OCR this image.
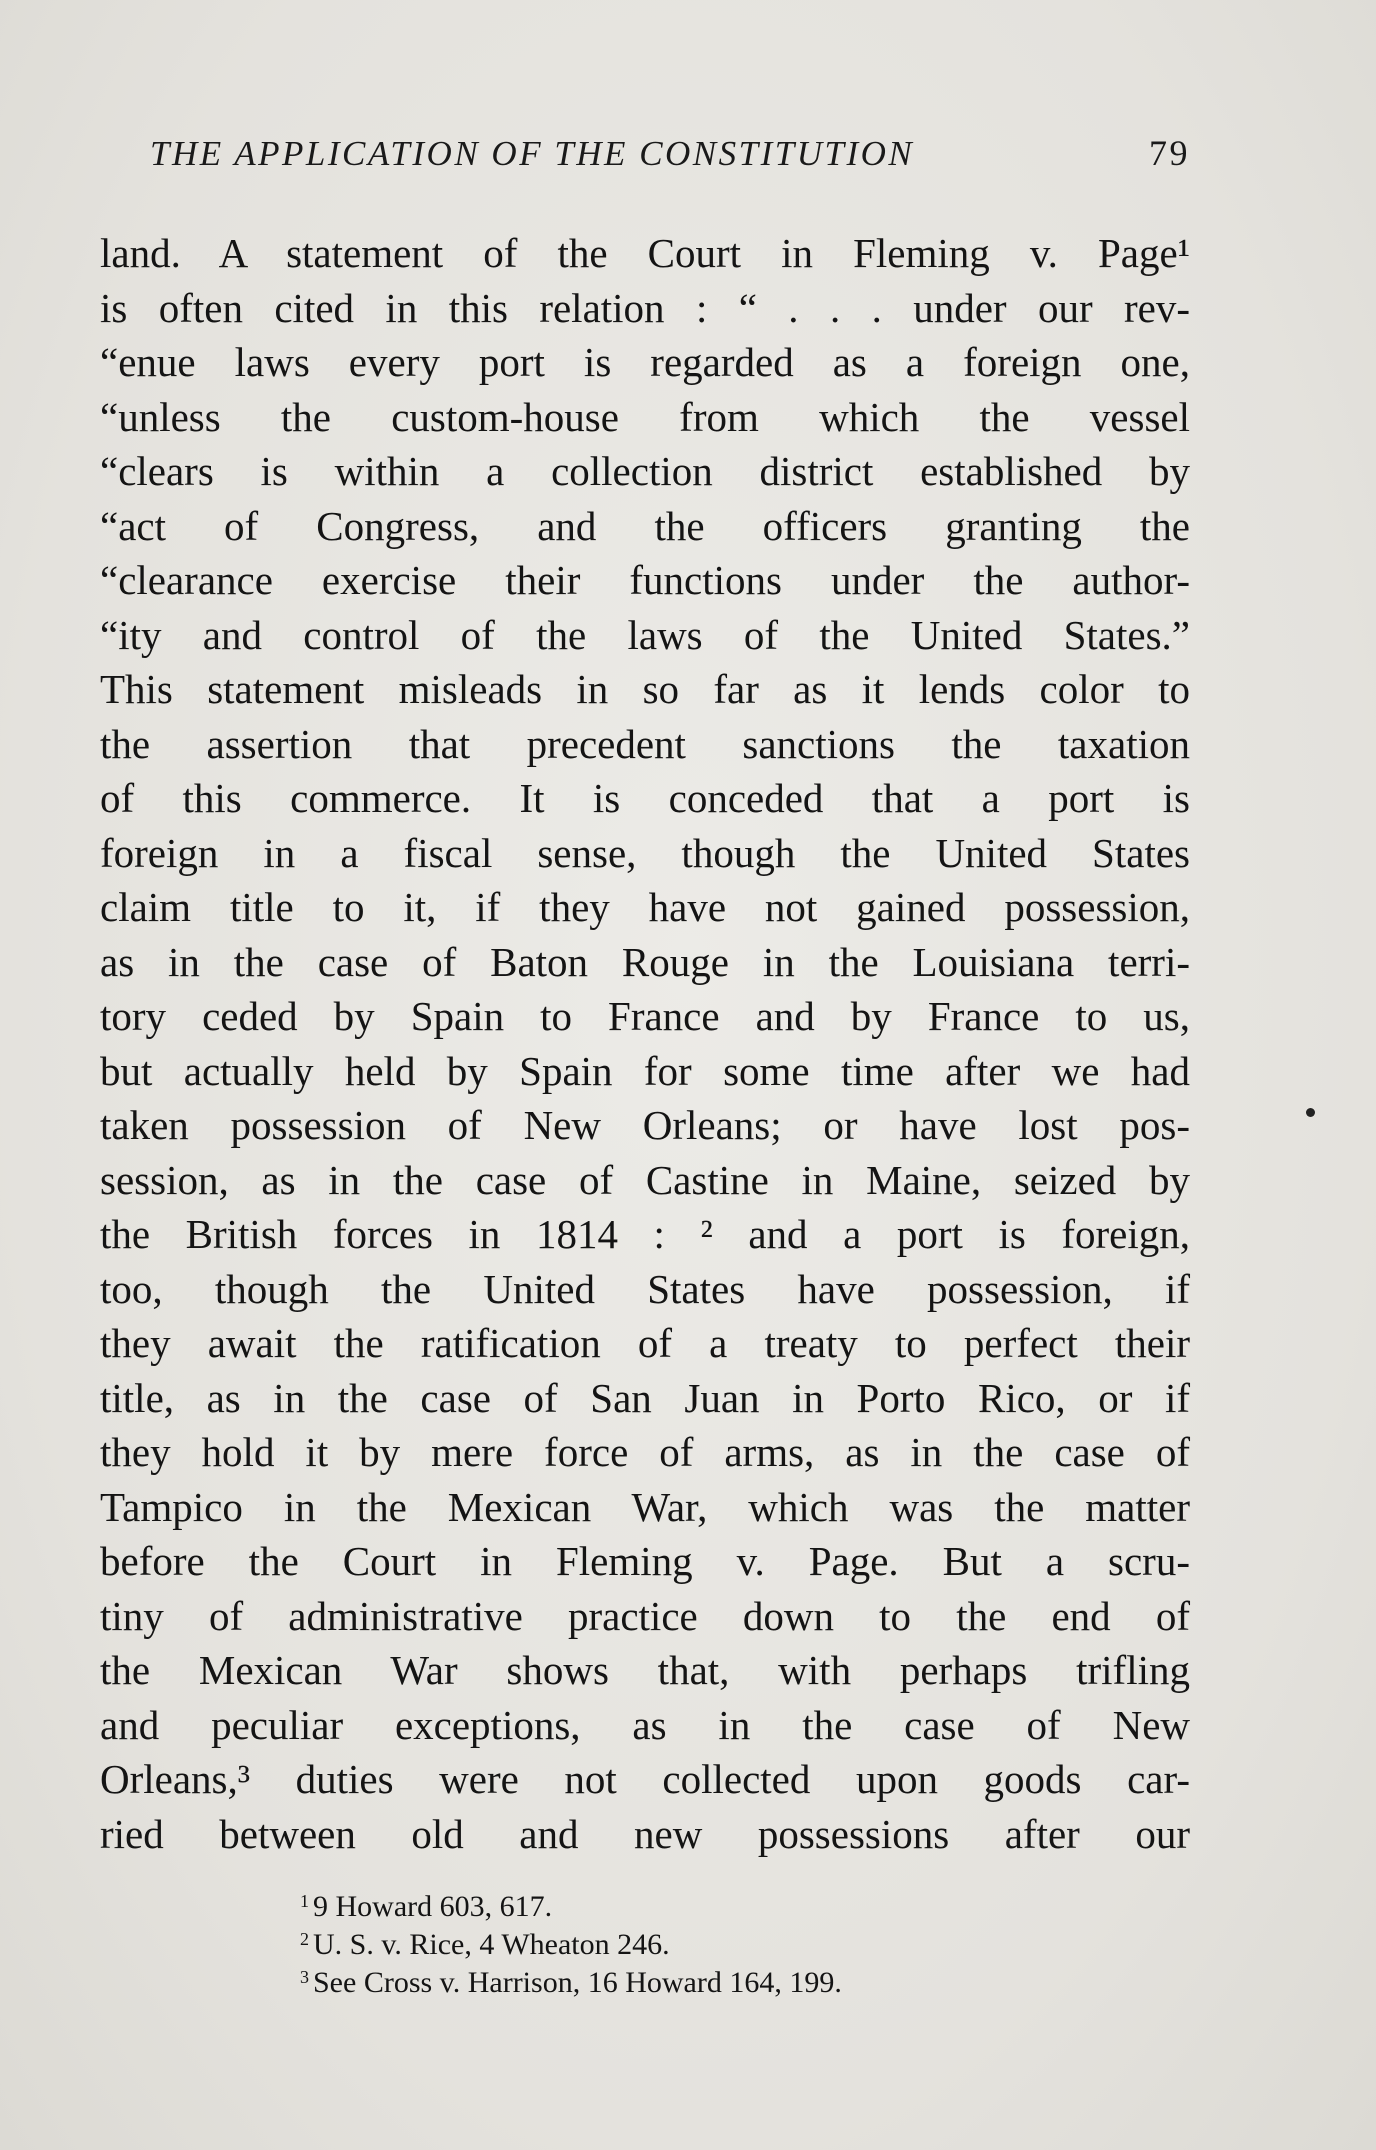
THE APPLICATION OF THE CONSTITUTION	79
land. A statement of the Court in Fleming v. Page¹
is often cited in this relation : “ . . . under our rev-
“enue laws every port is regarded as a foreign one,
“unless the custom-house from which the vessel
“clears is within a collection district established by
“act of Congress, and the officers granting the
“clearance exercise their functions under the author-
“ity and control of the laws of the United States.”
This statement misleads in so far as it lends color to
the assertion that precedent sanctions the taxation
of this commerce. It is conceded that a port is
foreign in a fiscal sense, though the United States
claim title to it, if they have not gained possession,
as in the case of Baton Rouge in the Louisiana terri-
tory ceded by Spain to France and by France to us,
but actually held by Spain for some time after we had
taken possession of New Orleans; or have lost pos-
session, as in the case of Castine in Maine, seized by
the British forces in 1814 : ² and a port is foreign,
too, though the United States have possession, if
they await the ratification of a treaty to perfect their
title, as in the case of San Juan in Porto Rico, or if
they hold it by mere force of arms, as in the case of
Tampico in the Mexican War, which was the matter
before the Court in Fleming v. Page. But a scru-
tiny of administrative practice down to the end of
the Mexican War shows that, with perhaps trifling
and peculiar exceptions, as in the case of New
Orleans,³ duties were not collected upon goods car-
ried between old and new possessions after our
$^1$ 9 Howard 603, 617.
$^2$ U. S. v. Rice, 4 Wheaton 246.
$^3$ See Cross v. Harrison, 16 Howard 164, 199.
